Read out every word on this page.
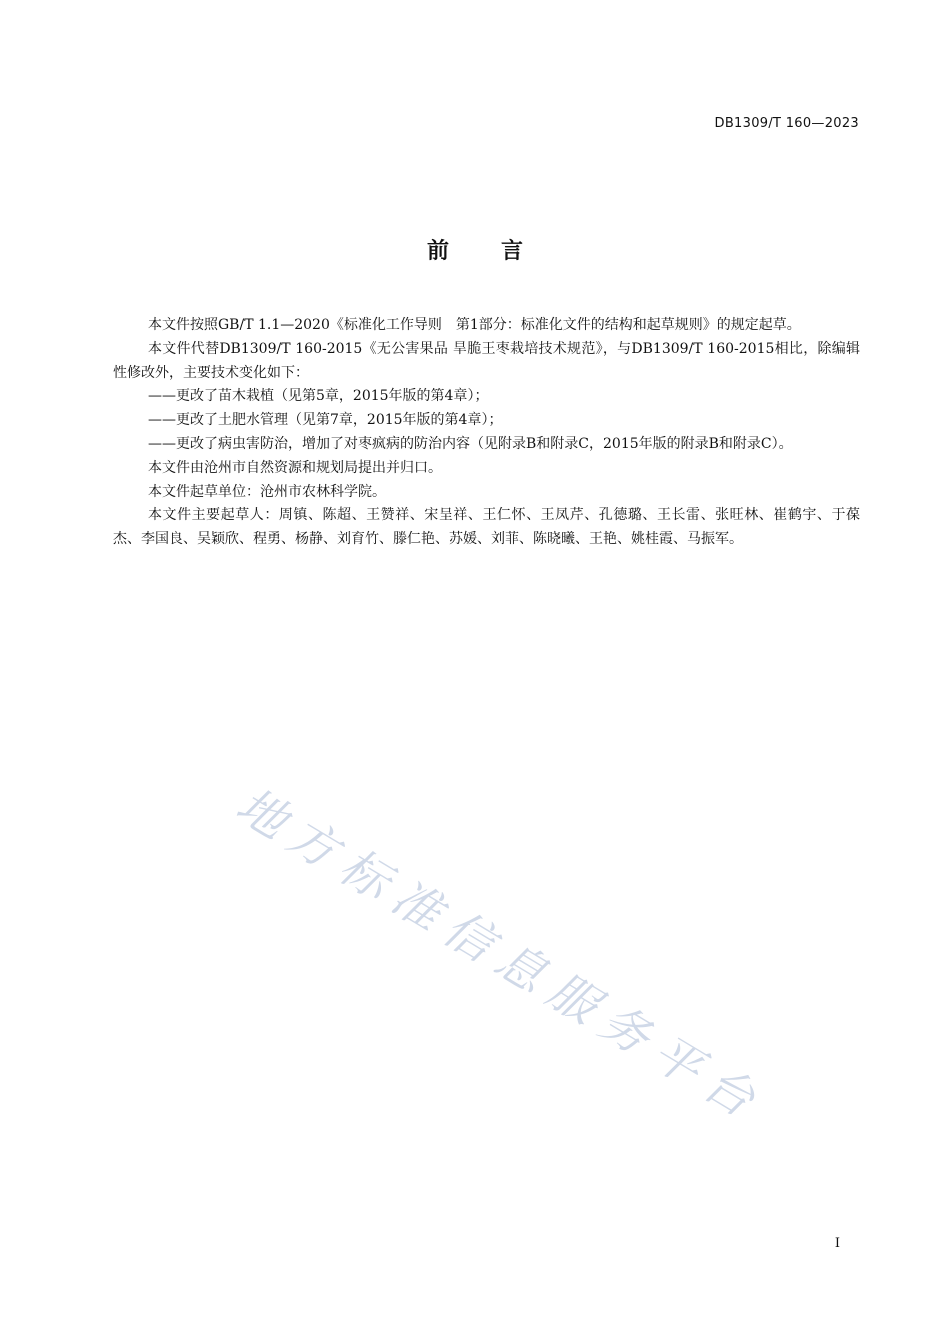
DB1309/T 160—2023
前言

本文件按照GB/T 1.1—2020《标准化工作导则　第1部分：标准化文件的结构和起草规则》的规定起草。

本文件代替DB1309/T 160-2015《无公害果品 旱脆王枣栽培技术规范》，与DB1309/T 160-2015相比，除编辑性修改外，主要技术变化如下：

——更改了苗木栽植（见第5章，2015年版的第4章）；

——更改了土肥水管理（见第7章，2015年版的第4章）；

——更改了病虫害防治，增加了对枣疯病的防治内容（见附录B和附录C，2015年版的附录B和附录C）。

本文件由沧州市自然资源和规划局提出并归口。

本文件起草单位：沧州市农林科学院。

本文件主要起草人：周镇、陈超、王赞祥、宋呈祥、王仁怀、王凤芹、孔德璐、王长雷、张旺林、崔鹤宇、于葆杰、李国良、吴颖欣、程勇、杨静、刘育竹、滕仁艳、苏媛、刘菲、陈晓曦、王艳、姚桂霞、马振军。

地
方
标
准
信
息
服
务
平
台
I
